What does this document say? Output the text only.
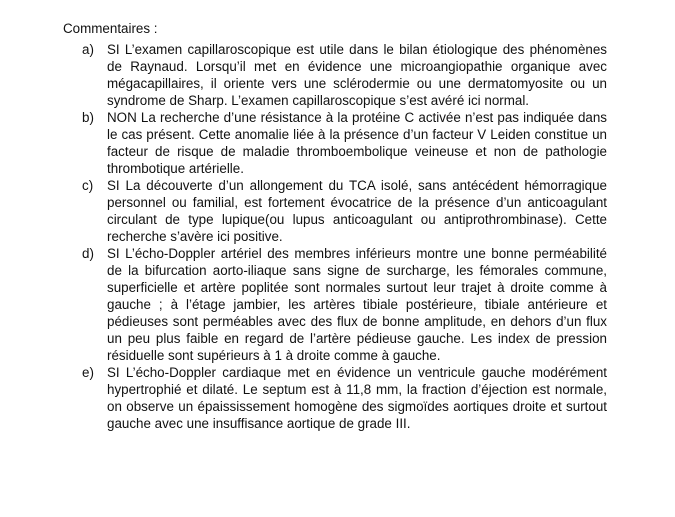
Commentaires :

a) SI L’examen capillaroscopique est utile dans le bilan étiologique des phénomènes de Raynaud. Lorsqu’il met en évidence une microangiopathie organique avec mégacapillaires, il oriente vers une sclérodermie ou une dermatomyosite ou un syndrome de Sharp. L’examen capillaroscopique s’est avéré ici normal.
b) NON La recherche d’une résistance à la protéine C activée n’est pas indiquée dans le cas présent. Cette anomalie liée à la présence d’un facteur V Leiden constitue un facteur de risque de maladie thromboembolique veineuse et non de pathologie thrombotique artérielle.
c) SI La découverte d’un allongement du TCA isolé, sans antécédent hémorragique personnel ou familial, est fortement évocatrice de la présence d’un anticoagulant circulant de type lupique(ou lupus anticoagulant ou antiprothrombinase). Cette recherche s’avère ici positive.
d) SI L’écho-Doppler artériel des membres inférieurs montre une bonne perméabilité de la bifurcation aorto-iliaque sans signe de surcharge, les fémorales commune, superficielle et artère poplitée sont normales surtout leur trajet à droite comme à gauche ; à l’étage jambier, les artères tibiale postérieure, tibiale antérieure et pédieuses sont perméables avec des flux de bonne amplitude, en dehors d’un flux un peu plus faible en regard de l’artère pédieuse gauche. Les index de pression résiduelle sont supérieurs à 1 à droite comme à gauche.
e) SI L’écho-Doppler cardiaque met en évidence un ventricule gauche modérément hypertrophié et dilaté. Le septum est à 11,8 mm, la fraction d’éjection est normale, on observe un épaississement homogène des sigmoïdes aortiques droite et surtout gauche avec une insuffisance aortique de grade III.
